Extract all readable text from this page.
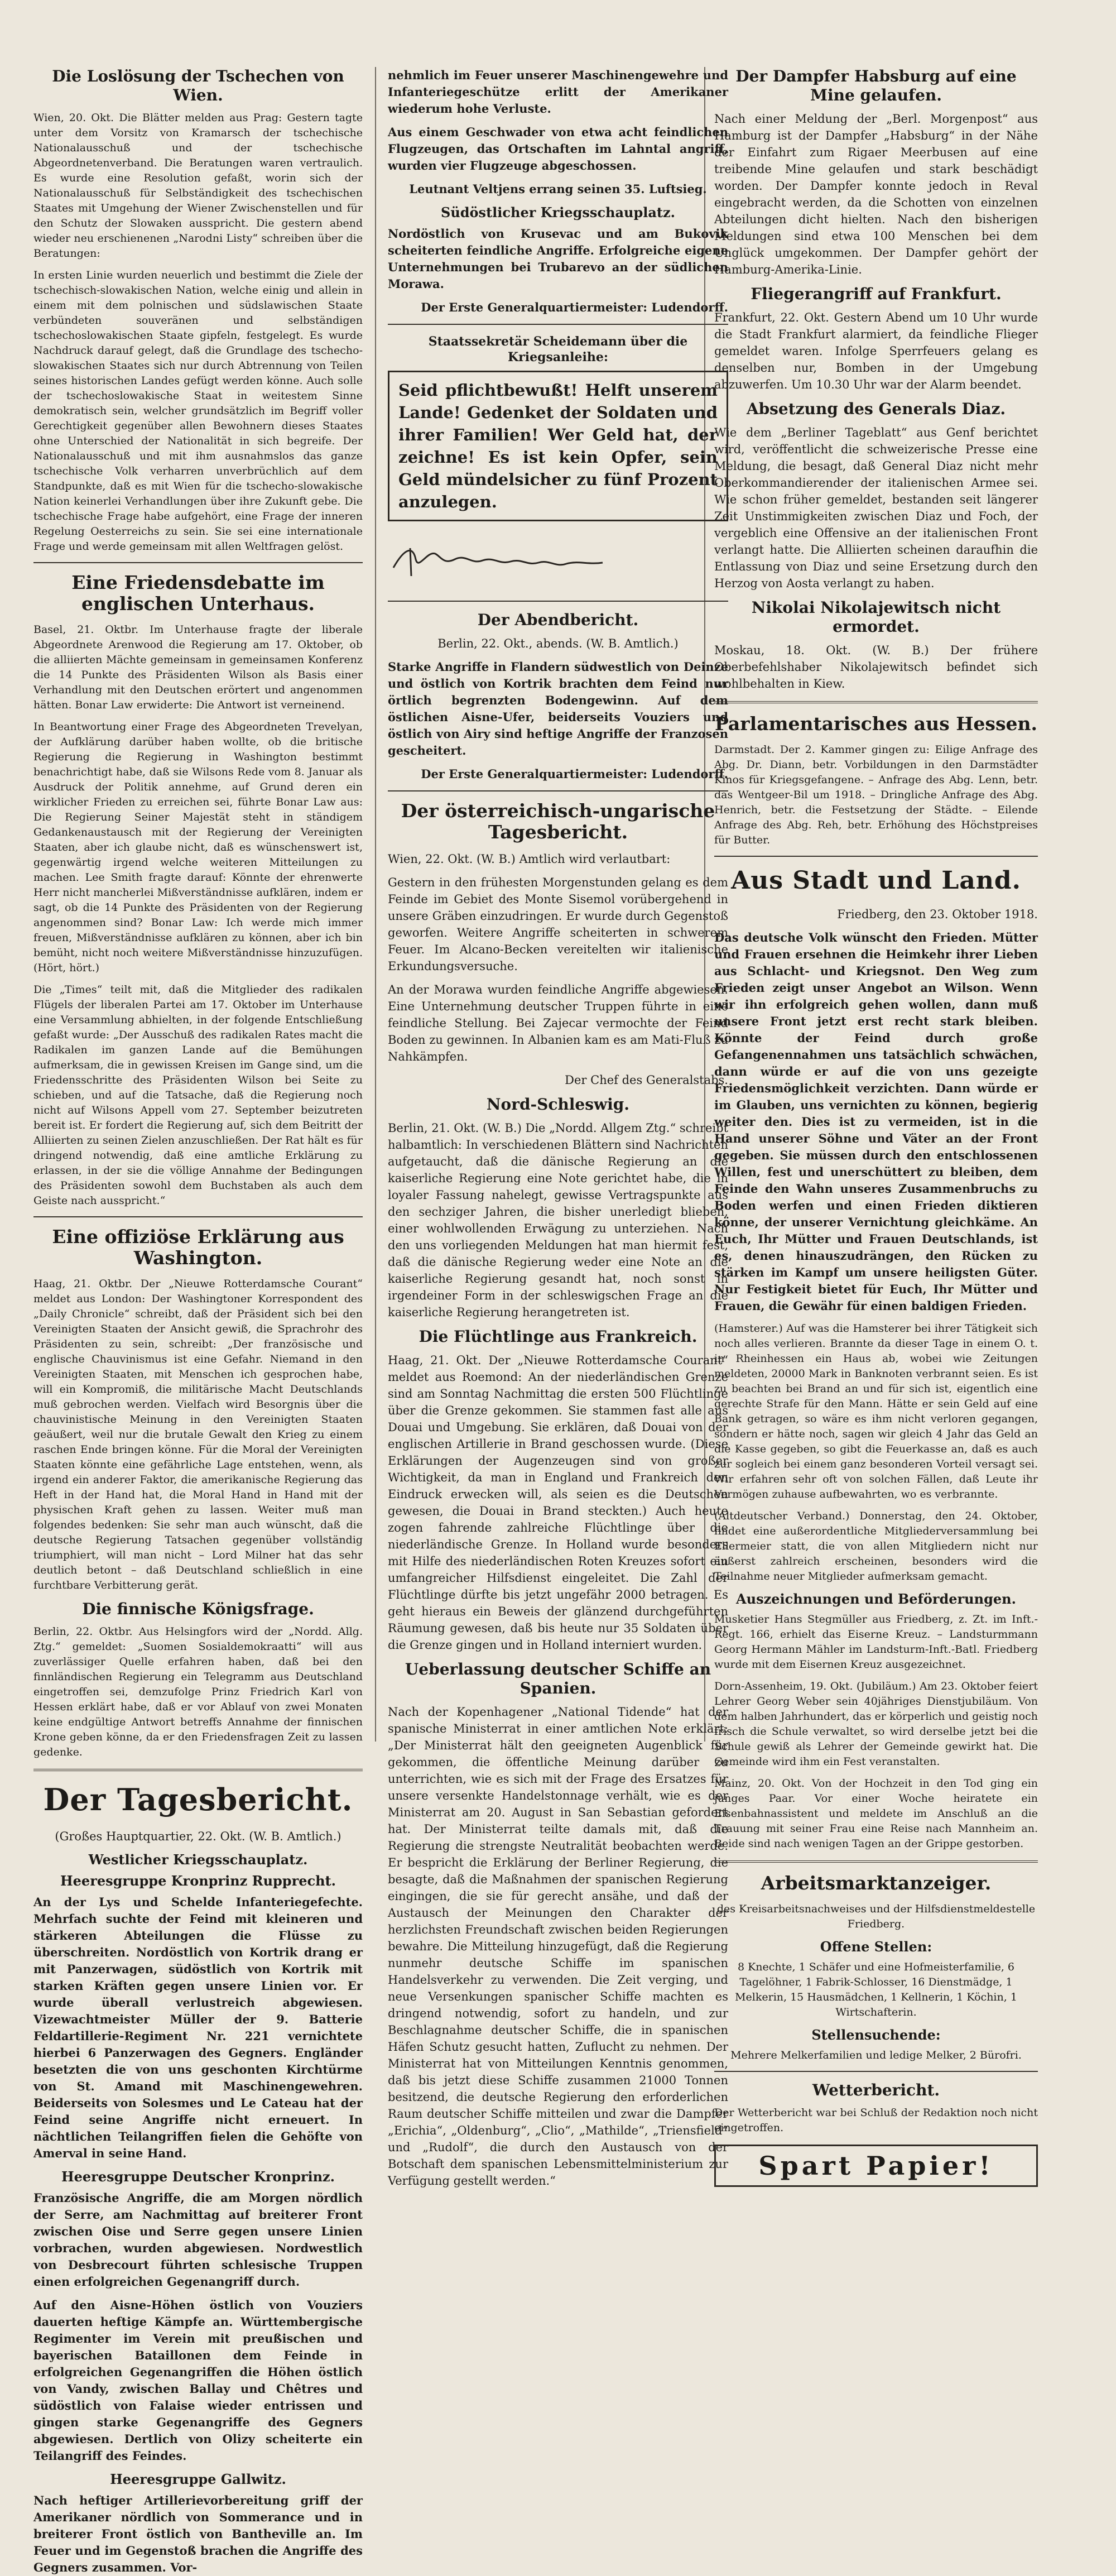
Die Loslösung der Tschechen von Wien.

Wien, 20. Okt. Die Blätter melden aus Prag: Gestern tagte unter dem Vorsitz von Kramarsch der tschechische Nationalausschuß und der tschechische Abgeordnetenverband. Die Beratungen waren vertraulich. Es wurde eine Resolution gefaßt, worin sich der Nationalausschuß für Selbständigkeit des tschechischen Staates mit Umgehung der Wiener Zwischenstellen und für den Schutz der Slowaken ausspricht. Die gestern abend wieder neu erschienenen „Narodni Listy“ schreiben über die Beratungen:

In ersten Linie wurden neuerlich und bestimmt die Ziele der tschechisch-slowakischen Nation, welche einig und allein in einem mit dem polnischen und südslawischen Staate verbündeten souveränen und selbständigen tschechoslowakischen Staate gipfeln, festgelegt. Es wurde Nachdruck darauf gelegt, daß die Grundlage des tschecho-slowakischen Staates sich nur durch Abtrennung von Teilen seines historischen Landes gefügt werden könne. Auch solle der tschechoslowakische Staat in weitestem Sinne demokratisch sein, welcher grundsätzlich im Begriff voller Gerechtigkeit gegenüber allen Bewohnern dieses Staates ohne Unterschied der Nationalität in sich begreife. Der Nationalausschuß und mit ihm ausnahmslos das ganze tschechische Volk verharren unverbrüchlich auf dem Standpunkte, daß es mit Wien für die tschecho-slowakische Nation keinerlei Verhandlungen über ihre Zukunft gebe. Die tschechische Frage habe aufgehört, eine Frage der inneren Regelung Oesterreichs zu sein. Sie sei eine internationale Frage und werde gemeinsam mit allen Weltfragen gelöst.

Eine Friedensdebatte im englischen Unterhaus.

Basel, 21. Oktbr. Im Unterhause fragte der liberale Abgeordnete Arenwood die Regierung am 17. Oktober, ob die alliierten Mächte gemeinsam in gemeinsamen Konferenz die 14 Punkte des Präsidenten Wilson als Basis einer Verhandlung mit den Deutschen erörtert und angenommen hätten. Bonar Law erwiderte: Die Antwort ist verneinend.

In Beantwortung einer Frage des Abgeordneten Trevelyan, der Aufklärung darüber haben wollte, ob die britische Regierung die Regierung in Washington bestimmt benachrichtigt habe, daß sie Wilsons Rede vom 8. Januar als Ausdruck der Politik annehme, auf Grund deren ein wirklicher Frieden zu erreichen sei, führte Bonar Law aus: Die Regierung Seiner Majestät steht in ständigem Gedankenaustausch mit der Regierung der Vereinigten Staaten, aber ich glaube nicht, daß es wünschenswert ist, gegenwärtig irgend welche weiteren Mitteilungen zu machen. Lee Smith fragte darauf: Könnte der ehrenwerte Herr nicht mancherlei Mißverständnisse aufklären, indem er sagt, ob die 14 Punkte des Präsidenten von der Regierung angenommen sind? Bonar Law: Ich werde mich immer freuen, Mißverständnisse aufklären zu können, aber ich bin bemüht, nicht noch weitere Mißverständnisse hinzuzufügen. (Hört, hört.)

Die „Times“ teilt mit, daß die Mitglieder des radikalen Flügels der liberalen Partei am 17. Oktober im Unterhause eine Versammlung abhielten, in der folgende Entschließung gefaßt wurde: „Der Ausschuß des radikalen Rates macht die Radikalen im ganzen Lande auf die Bemühungen aufmerksam, die in gewissen Kreisen im Gange sind, um die Friedensschritte des Präsidenten Wilson bei Seite zu schieben, und auf die Tatsache, daß die Regierung noch nicht auf Wilsons Appell vom 27. September beizutreten bereit ist. Er fordert die Regierung auf, sich dem Beitritt der Alliierten zu seinen Zielen anzuschließen. Der Rat hält es für dringend notwendig, daß eine amtliche Erklärung zu erlassen, in der sie die völlige Annahme der Bedingungen des Präsidenten sowohl dem Buchstaben als auch dem Geiste nach ausspricht.“

Eine offiziöse Erklärung aus Washington.

Haag, 21. Oktbr. Der „Nieuwe Rotterdamsche Courant“ meldet aus London: Der Washingtoner Korrespondent des „Daily Chronicle“ schreibt, daß der Präsident sich bei den Vereinigten Staaten der Ansicht gewiß, die Sprachrohr des Präsidenten zu sein, schreibt: „Der französische und englische Chauvinismus ist eine Gefahr. Niemand in den Vereinigten Staaten, mit Menschen ich gesprochen habe, will ein Kompromiß, die militärische Macht Deutschlands muß gebrochen werden. Vielfach wird Besorgnis über die chauvinistische Meinung in den Vereinigten Staaten geäußert, weil nur die brutale Gewalt den Krieg zu einem raschen Ende bringen könne. Für die Moral der Vereinigten Staaten könnte eine gefährliche Lage entstehen, wenn, als irgend ein anderer Faktor, die amerikanische Regierung das Heft in der Hand hat, die Moral Hand in Hand mit der physischen Kraft gehen zu lassen. Weiter muß man folgendes bedenken: Sie sehr man auch wünscht, daß die deutsche Regierung Tatsachen gegenüber vollständig triumphiert, will man nicht – Lord Milner hat das sehr deutlich betont – daß Deutschland schließlich in eine furchtbare Verbitterung gerät.

Die finnische Königsfrage.

Berlin, 22. Oktbr. Aus Helsingfors wird der „Nordd. Allg. Ztg.“ gemeldet: „Suomen Sosialdemokraatti“ will aus zuverlässiger Quelle erfahren haben, daß bei den finnländischen Regierung ein Telegramm aus Deutschland eingetroffen sei, demzufolge Prinz Friedrich Karl von Hessen erklärt habe, daß er vor Ablauf von zwei Monaten keine endgültige Antwort betreffs Annahme der finnischen Krone geben könne, da er den Friedensfragen Zeit zu lassen gedenke.

Der Tagesbericht.

(Großes Hauptquartier, 22. Okt. (W. B. Amtlich.)

Westlicher Kriegsschauplatz.
Heeresgruppe Kronprinz Rupprecht.

An der Lys und Schelde Infanteriegefechte. Mehrfach suchte der Feind mit kleineren und stärkeren Abteilungen die Flüsse zu überschreiten. Nordöstlich von Kortrik drang er mit Panzerwagen, südöstlich von Kortrik mit starken Kräften gegen unsere Linien vor. Er wurde überall verlustreich abgewiesen. Vizewachtmeister Müller der 9. Batterie Feldartillerie-Regiment Nr. 221 vernichtete hierbei 6 Panzerwagen des Gegners. Engländer besetzten die von uns geschonten Kirchtürme von St. Amand mit Maschinengewehren. Beiderseits von Solesmes und Le Cateau hat der Feind seine Angriffe nicht erneuert. In nächtlichen Teilangriffen fielen die Gehöfte von Amerval in seine Hand.

Heeresgruppe Deutscher Kronprinz.

Französische Angriffe, die am Morgen nördlich der Serre, am Nachmittag auf breiterer Front zwischen Oise und Serre gegen unsere Linien vorbrachen, wurden abgewiesen. Nordwestlich von Desbrecourt führten schlesische Truppen einen erfolgreichen Gegenangriff durch.

Auf den Aisne-Höhen östlich von Vouziers dauerten heftige Kämpfe an. Württembergische Regimenter im Verein mit preußischen und bayerischen Bataillonen dem Feinde in erfolgreichen Gegenangriffen die Höhen östlich von Vandy, zwischen Ballay und Chêtres und südöstlich von Falaise wieder entrissen und gingen starke Gegenangriffe des Gegners abgewiesen. Dertlich von Olizy scheiterte ein Teilangriff des Feindes.

Heeresgruppe Gallwitz.

Nach heftiger Artillerievorbereitung griff der Amerikaner nördlich von Sommerance und in breiterer Front östlich von Bantheville an. Im Feuer und im Gegenstoß brachen die Angriffe des Gegners zusammen. Vor-

nehmlich im Feuer unserer Maschinengewehre und Infanteriegeschütze erlitt der Amerikaner wiederum hohe Verluste.

Aus einem Geschwader von etwa acht feindlichen Flugzeugen, das Ortschaften im Lahntal angriff, wurden vier Flugzeuge abgeschossen.

Leutnant Veltjens errang seinen 35. Luftsieg.

Südöstlicher Kriegsschauplatz.

Nordöstlich von Krusevac und am Bukovik scheiterten feindliche Angriffe. Erfolgreiche eigene Unternehmungen bei Trubarevo an der südlichen Morawa.

Der Erste Generalquartiermeister: Ludendorff.

Staatssekretär Scheidemann über die Kriegsanleihe:

Seid pflichtbewußt! Helft unserem Lande! Gedenket der Soldaten und ihrer Familien! Wer Geld hat, der zeichne! Es ist kein Opfer, sein Geld mündelsicher zu fünf Prozent anzulegen.

Der Abendbericht.

Berlin, 22. Okt., abends. (W. B. Amtlich.)

Starke Angriffe in Flandern südwestlich von Deinze und östlich von Kortrik brachten dem Feind nur örtlich begrenzten Bodengewinn. Auf dem östlichen Aisne-Ufer, beiderseits Vouziers und östlich von Airy sind heftige Angriffe der Franzosen gescheitert.

Der Erste Generalquartiermeister: Ludendorff.

Der österreichisch-ungarische Tagesbericht.

Wien, 22. Okt. (W. B.) Amtlich wird verlautbart:

Gestern in den frühesten Morgenstunden gelang es dem Feinde im Gebiet des Monte Sisemol vorübergehend in unsere Gräben einzudringen. Er wurde durch Gegenstoß geworfen. Weitere Angriffe scheiterten in schwerem Feuer. Im Alcano-Becken vereitelten wir italienische Erkundungsversuche.

An der Morawa wurden feindliche Angriffe abgewiesen. Eine Unternehmung deutscher Truppen führte in eine feindliche Stellung. Bei Zajecar vermochte der Feind Boden zu gewinnen. In Albanien kam es am Mati-Fluß zu Nahkämpfen.

Der Chef des Generalstabs.

Nord-Schleswig.

Berlin, 21. Okt. (W. B.) Die „Nordd. Allgem Ztg.“ schreibt halbamtlich: In verschiedenen Blättern sind Nachrichten aufgetaucht, daß die dänische Regierung an die kaiserliche Regierung eine Note gerichtet habe, die in loyaler Fassung nahelegt, gewisse Vertragspunkte aus den sechziger Jahren, die bisher unerledigt blieben, einer wohlwollenden Erwägung zu unterziehen. Nach den uns vorliegenden Meldungen hat man hiermit fest, daß die dänische Regierung weder eine Note an die kaiserliche Regierung gesandt hat, noch sonst in irgendeiner Form in der schleswigschen Frage an die kaiserliche Regierung herangetreten ist.

Die Flüchtlinge aus Frankreich.

Haag, 21. Okt. Der „Nieuwe Rotterdamsche Courant“ meldet aus Roemond: An der niederländischen Grenze sind am Sonntag Nachmittag die ersten 500 Flüchtlinge über die Grenze gekommen. Sie stammen fast alle aus Douai und Umgebung. Sie erklären, daß Douai von der englischen Artillerie in Brand geschossen wurde. (Diese Erklärungen der Augenzeugen sind von großer Wichtigkeit, da man in England und Frankreich den Eindruck erwecken will, als seien es die Deutschen gewesen, die Douai in Brand steckten.) Auch heute zogen fahrende zahlreiche Flüchtlinge über die niederländische Grenze. In Holland wurde besonders mit Hilfe des niederländischen Roten Kreuzes sofort ein umfangreicher Hilfsdienst eingeleitet. Die Zahl der Flüchtlinge dürfte bis jetzt ungefähr 2000 betragen. Es geht hieraus ein Beweis der glänzend durchgeführten Räumung gewesen, daß bis heute nur 35 Soldaten über die Grenze gingen und in Holland interniert wurden.

Ueberlassung deutscher Schiffe an Spanien.

Nach der Kopenhagener „National Tidende“ hat der spanische Ministerrat in einer amtlichen Note erklärt: „Der Ministerrat hält den geeigneten Augenblick für gekommen, die öffentliche Meinung darüber zu unterrichten, wie es sich mit der Frage des Ersatzes für unsere versenkte Handelstonnage verhält, wie es der Ministerrat am 20. August in San Sebastian gefordert hat. Der Ministerrat teilte damals mit, daß die Regierung die strengste Neutralität beobachten werde. Er bespricht die Erklärung der Berliner Regierung, die besagte, daß die Maßnahmen der spanischen Regierung eingingen, die sie für gerecht ansähe, und daß der Austausch der Meinungen den Charakter der herzlichsten Freundschaft zwischen beiden Regierungen bewahre. Die Mitteilung hinzugefügt, daß die Regierung nunmehr deutsche Schiffe im spanischen Handelsverkehr zu verwenden. Die Zeit verging, und neue Versenkungen spanischer Schiffe machten es dringend notwendig, sofort zu handeln, und zur Beschlagnahme deutscher Schiffe, die in spanischen Häfen Schutz gesucht hatten, Zuflucht zu nehmen. Der Ministerrat hat von Mitteilungen Kenntnis genommen, daß bis jetzt diese Schiffe zusammen 21000 Tonnen besitzend, die deutsche Regierung den erforderlichen Raum deutscher Schiffe mitteilen und zwar die Dampfer „Erichia“, „Oldenburg“, „Clio“, „Mathilde“, „Triensfield“ und „Rudolf“, die durch den Austausch von der Botschaft dem spanischen Lebensmittelministerium zur Verfügung gestellt werden.“

Der Dampfer Habsburg auf eine Mine gelaufen.

Nach einer Meldung der „Berl. Morgenpost“ aus Hamburg ist der Dampfer „Habsburg“ in der Nähe der Einfahrt zum Rigaer Meerbusen auf eine treibende Mine gelaufen und stark beschädigt worden. Der Dampfer konnte jedoch in Reval eingebracht werden, da die Schotten von einzelnen Abteilungen dicht hielten. Nach den bisherigen Meldungen sind etwa 100 Menschen bei dem Unglück umgekommen. Der Dampfer gehört der Hamburg-Amerika-Linie.

Fliegerangriff auf Frankfurt.

Frankfurt, 22. Okt. Gestern Abend um 10 Uhr wurde die Stadt Frankfurt alarmiert, da feindliche Flieger gemeldet waren. Infolge Sperrfeuers gelang es denselben nur, Bomben in der Umgebung abzuwerfen. Um 10.30 Uhr war der Alarm beendet.

Absetzung des Generals Diaz.

Wie dem „Berliner Tageblatt“ aus Genf berichtet wird, veröffentlicht die schweizerische Presse eine Meldung, die besagt, daß General Diaz nicht mehr Oberkommandierender der italienischen Armee sei. Wie schon früher gemeldet, bestanden seit längerer Zeit Unstimmigkeiten zwischen Diaz und Foch, der vergeblich eine Offensive an der italienischen Front verlangt hatte. Die Alliierten scheinen daraufhin die Entlassung von Diaz und seine Ersetzung durch den Herzog von Aosta verlangt zu haben.

Nikolai Nikolajewitsch nicht ermordet.

Moskau, 18. Okt. (W. B.) Der frühere Oberbefehlshaber Nikolajewitsch befindet sich wohlbehalten in Kiew.

Parlamentarisches aus Hessen.

Darmstadt. Der 2. Kammer gingen zu: Eilige Anfrage des Abg. Dr. Diann, betr. Vorbildungen in den Darmstädter Kinos für Kriegsgefangene. – Anfrage des Abg. Lenn, betr. das Wentgeer-Bil um 1918. – Dringliche Anfrage des Abg. Henrich, betr. die Festsetzung der Städte. – Eilende Anfrage des Abg. Reh, betr. Erhöhung des Höchstpreises für Butter.

Aus Stadt und Land.

Friedberg, den 23. Oktober 1918.

Das deutsche Volk wünscht den Frieden. Mütter und Frauen ersehnen die Heimkehr ihrer Lieben aus Schlacht- und Kriegsnot. Den Weg zum Frieden zeigt unser Angebot an Wilson. Wenn wir ihn erfolgreich gehen wollen, dann muß unsere Front jetzt erst recht stark bleiben. Könnte der Feind durch große Gefangenennahmen uns tatsächlich schwächen, dann würde er auf die von uns gezeigte Friedensmöglichkeit verzichten. Dann würde er im Glauben, uns vernichten zu können, begierig weiter den. Dies ist zu vermeiden, ist in die Hand unserer Söhne und Väter an der Front gegeben. Sie müssen durch den entschlossenen Willen, fest und unerschüttert zu bleiben, dem Feinde den Wahn unseres Zusammenbruchs zu Boden werfen und einen Frieden diktieren könne, der unserer Vernichtung gleichkäme. An Euch, Ihr Mütter und Frauen Deutschlands, ist es, denen hinauszudrängen, den Rücken zu stärken im Kampf um unsere heiligsten Güter. Nur Festigkeit bietet für Euch, Ihr Mütter und Frauen, die Gewähr für einen baldigen Frieden.

(Hamsterer.) Auf was die Hamsterer bei ihrer Tätigkeit sich noch alles verlieren. Brannte da dieser Tage in einem O. t. in Rheinhessen ein Haus ab, wobei wie Zeitungen meldeten, 20000 Mark in Banknoten verbrannt seien. Es ist zu beachten bei Brand an und für sich ist, eigentlich eine gerechte Strafe für den Mann. Hätte er sein Geld auf eine Bank getragen, so wäre es ihm nicht verloren gegangen, sondern er hätte noch, sagen wir gleich 4 Jahr das Geld an die Kasse gegeben, so gibt die Feuerkasse an, daß es auch zur sogleich bei einem ganz besonderen Vorteil versagt sei. Wir erfahren sehr oft von solchen Fällen, daß Leute ihr Vermögen zuhause aufbewahrten, wo es verbrannte.

(Altdeutscher Verband.) Donnerstag, den 24. Oktober, findet eine außerordentliche Mitgliederversammlung bei Ellermeier statt, die von allen Mitgliedern nicht nur äußerst zahlreich erscheinen, besonders wird die Teilnahme neuer Mitglieder aufmerksam gemacht.

Auszeichnungen und Beförderungen.

Musketier Hans Stegmüller aus Friedberg, z. Zt. im Inft.-Regt. 166, erhielt das Eiserne Kreuz. – Landsturmmann Georg Hermann Mähler im Landsturm-Inft.-Batl. Friedberg wurde mit dem Eisernen Kreuz ausgezeichnet.

Dorn-Assenheim, 19. Okt. (Jubiläum.) Am 23. Oktober feiert Lehrer Georg Weber sein 40jähriges Dienstjubiläum. Von dem halben Jahrhundert, das er körperlich und geistig noch frisch die Schule verwaltet, so wird derselbe jetzt bei die Schule gewiß als Lehrer der Gemeinde gewirkt hat. Die Gemeinde wird ihm ein Fest veranstalten.

Mainz, 20. Okt. Von der Hochzeit in den Tod ging ein junges Paar. Vor einer Woche heiratete ein Eisenbahnassistent und meldete im Anschluß an die Trauung mit seiner Frau eine Reise nach Mannheim an. Beide sind nach wenigen Tagen an der Grippe gestorben.

Arbeitsmarktanzeiger.

des Kreisarbeitsnachweises und der Hilfsdienstmeldestelle Friedberg.

Offene Stellen:

8 Knechte, 1 Schäfer und eine Hofmeisterfamilie, 6 Tagelöhner, 1 Fabrik-Schlosser, 16 Dienstmädge, 1 Melkerin, 15 Hausmädchen, 1 Kellnerin, 1 Köchin, 1 Wirtschafterin.

Stellensuchende:

Mehrere Melkerfamilien und ledige Melker, 2 Bürofri.

Wetterbericht.

Der Wetterbericht war bei Schluß der Redaktion noch nicht eingetroffen.

Spart Papier!
